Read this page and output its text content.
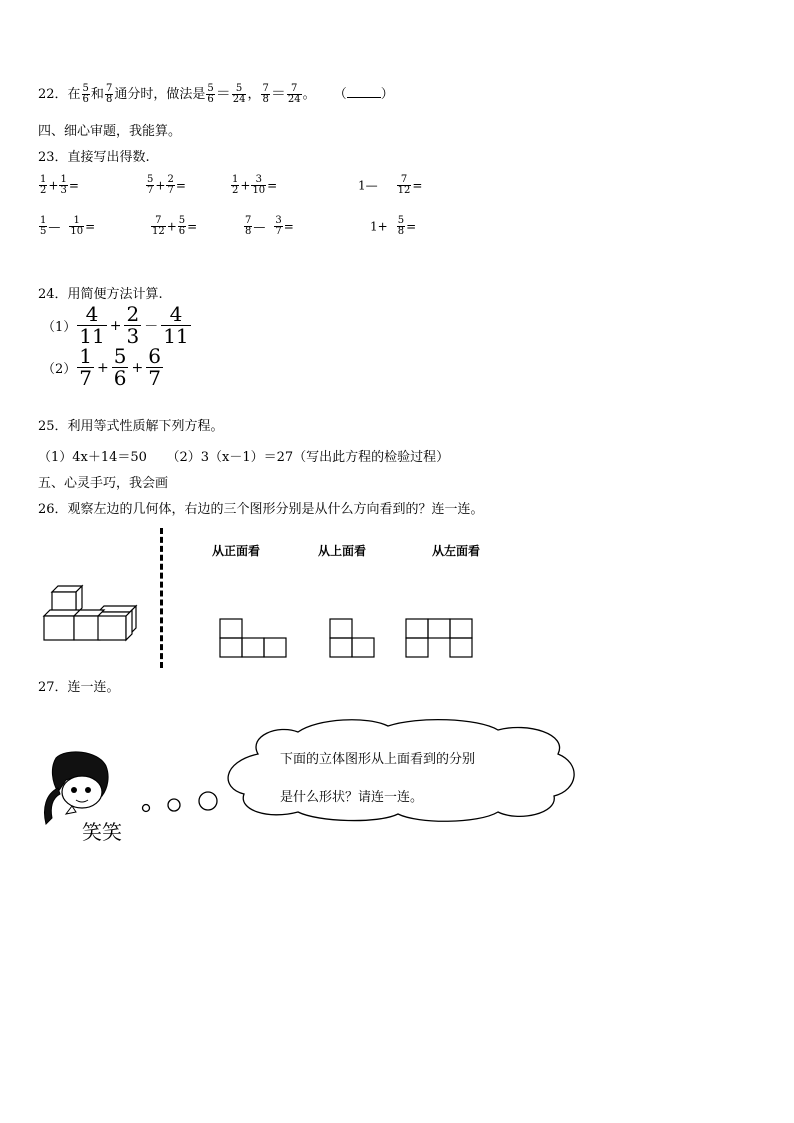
22．在 $\frac{5}{6}$ 和 $\frac{7}{8}$ 通分时，做法是 $\frac{5}{6} = \frac{5}{24}$ ， $\frac{7}{8} = \frac{7}{24}$ 。 （	）
四、细心审题，我能算。
23．直接写出得数.
$\frac{1}{2} + \frac{1}{3}$ =	$\frac{5}{7} + \frac{2}{7}$ =	$\frac{1}{2} + \frac{3}{10}$ =	1— $\frac{7}{12}$ =
$\frac{1}{5}$ — $\frac{1}{10}$ =	$\frac{7}{12} + \frac{5}{6}$ =	$\frac{7}{8}$ — $\frac{3}{7}$ =	$1+ \frac{5}{8}$ =
24．用简便方法计算.
$(1) \frac{4}{11} + \frac{2}{3} - \frac{4}{11}$
$(2) \frac{1}{7} + \frac{5}{6} + \frac{6}{7}$
25．利用等式性质解下列方程。
（1）4x＋14＝50　　（2）3（x－1）＝27（写出此方程的检验过程）
五、心灵手巧，我会画
26．观察左边的几何体，右边的三个图形分别是从什么方向看到的？连一连。
从正面看	从上面看	从左面看
27．连一连。
笑笑
下面的立体图形从上面看到的分别
是什么形状？请连一连。
